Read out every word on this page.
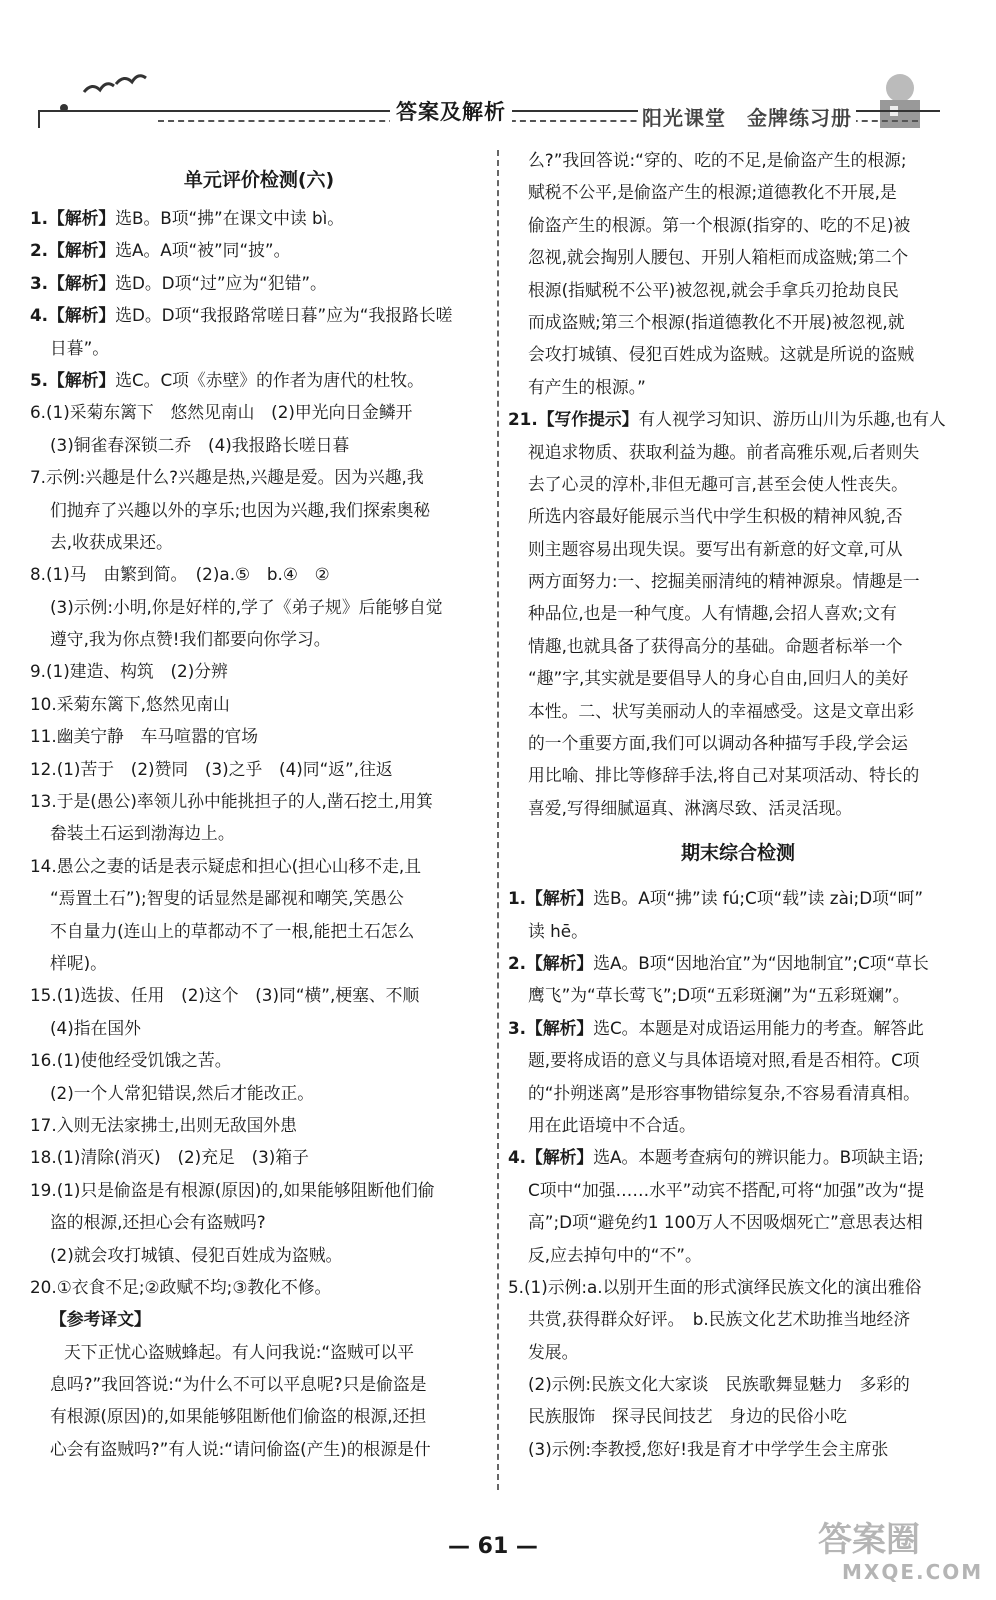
答案及解析	阳光课堂　金牌练习册
单元评价检测(六)
1.【解析】选B。B项“拂”在课文中读 bì。
2.【解析】选A。A项“被”同“披”。
3.【解析】选D。D项“过”应为“犯错”。
4.【解析】选D。D项“我报路常嗟日暮”应为“我报路长嗟
日暮”。
5.【解析】选C。C项《赤壁》的作者为唐代的杜牧。
6.(1)采菊东篱下　悠然见南山　(2)甲光向日金鳞开
(3)铜雀春深锁二乔　(4)我报路长嗟日暮
7.示例:兴趣是什么?兴趣是热,兴趣是爱。因为兴趣,我
们抛弃了兴趣以外的享乐;也因为兴趣,我们探索奥秘
去,收获成果还。
8.(1)马　由繁到简。　(2)a.⑤　b.④　②
(3)示例:小明,你是好样的,学了《弟子规》后能够自觉
遵守,我为你点赞!我们都要向你学习。
9.(1)建造、构筑　(2)分辨
10.采菊东篱下,悠然见南山
11.幽美宁静　车马喧嚣的官场
12.(1)苦于　(2)赞同　(3)之乎　(4)同“返”,往返
13.于是(愚公)率领儿孙中能挑担子的人,凿石挖土,用箕
畚装土石运到渤海边上。
14.愚公之妻的话是表示疑虑和担心(担心山移不走,且
“焉置土石”);智叟的话显然是鄙视和嘲笑,笑愚公
不自量力(连山上的草都动不了一根,能把土石怎么
样呢)。
15.(1)选拔、任用　(2)这个　(3)同“横”,梗塞、不顺
(4)指在国外
16.(1)使他经受饥饿之苦。
(2)一个人常犯错误,然后才能改正。
17.入则无法家拂士,出则无敌国外患
18.(1)清除(消灭)　(2)充足　(3)箱子
19.(1)只是偷盗是有根源(原因)的,如果能够阻断他们偷
盗的根源,还担心会有盗贼吗?
(2)就会攻打城镇、侵犯百姓成为盗贼。
20.①衣食不足;②政赋不均;③教化不修。
【参考译文】
天下正忧心盗贼蜂起。有人问我说:“盗贼可以平
息吗?”我回答说:“为什么不可以平息呢?只是偷盗是
有根源(原因)的,如果能够阻断他们偷盗的根源,还担
心会有盗贼吗?”有人说:“请问偷盗(产生)的根源是什
么?”我回答说:“穿的、吃的不足,是偷盗产生的根源;
赋税不公平,是偷盗产生的根源;道德教化不开展,是
偷盗产生的根源。第一个根源(指穿的、吃的不足)被
忽视,就会掏别人腰包、开别人箱柜而成盗贼;第二个
根源(指赋税不公平)被忽视,就会手拿兵刃抢劫良民
而成盗贼;第三个根源(指道德教化不开展)被忽视,就
会攻打城镇、侵犯百姓成为盗贼。这就是所说的盗贼
有产生的根源。”
21.【写作提示】有人视学习知识、游历山川为乐趣,也有人
视追求物质、获取利益为趣。前者高雅乐观,后者则失
去了心灵的淳朴,非但无趣可言,甚至会使人性丧失。
所选内容最好能展示当代中学生积极的精神风貌,否
则主题容易出现失误。要写出有新意的好文章,可从
两方面努力:一、挖掘美丽清纯的精神源泉。情趣是一
种品位,也是一种气度。人有情趣,会招人喜欢;文有
情趣,也就具备了获得高分的基础。命题者标举一个
“趣”字,其实就是要倡导人的身心自由,回归人的美好
本性。二、状写美丽动人的幸福感受。这是文章出彩
的一个重要方面,我们可以调动各种描写手段,学会运
用比喻、排比等修辞手法,将自己对某项活动、特长的
喜爱,写得细腻逼真、淋漓尽致、活灵活现。
期末综合检测
1.【解析】选B。A项“拂”读 fú;C项“载”读 zài;D项“呵”
读 hē。
2.【解析】选A。B项“因地治宜”为“因地制宜”;C项“草长
鹰飞”为“草长莺飞”;D项“五彩斑澜”为“五彩斑斓”。
3.【解析】选C。本题是对成语运用能力的考查。解答此
题,要将成语的意义与具体语境对照,看是否相符。C项
的“扑朔迷离”是形容事物错综复杂,不容易看清真相。
用在此语境中不合适。
4.【解析】选A。本题考查病句的辨识能力。B项缺主语;
C项中“加强……水平”动宾不搭配,可将“加强”改为“提
高”;D项“避免约1 100万人不因吸烟死亡”意思表达相
反,应去掉句中的“不”。
5.(1)示例:a.以别开生面的形式演绎民族文化的演出雅俗
共赏,获得群众好评。　b.民族文化艺术助推当地经济
发展。
(2)示例:民族文化大家谈　民族歌舞显魅力　多彩的
民族服饰　探寻民间技艺　身边的民俗小吃
(3)示例:李教授,您好!我是育才中学学生会主席张
— 61 —	答案圈
MXQE.COM
